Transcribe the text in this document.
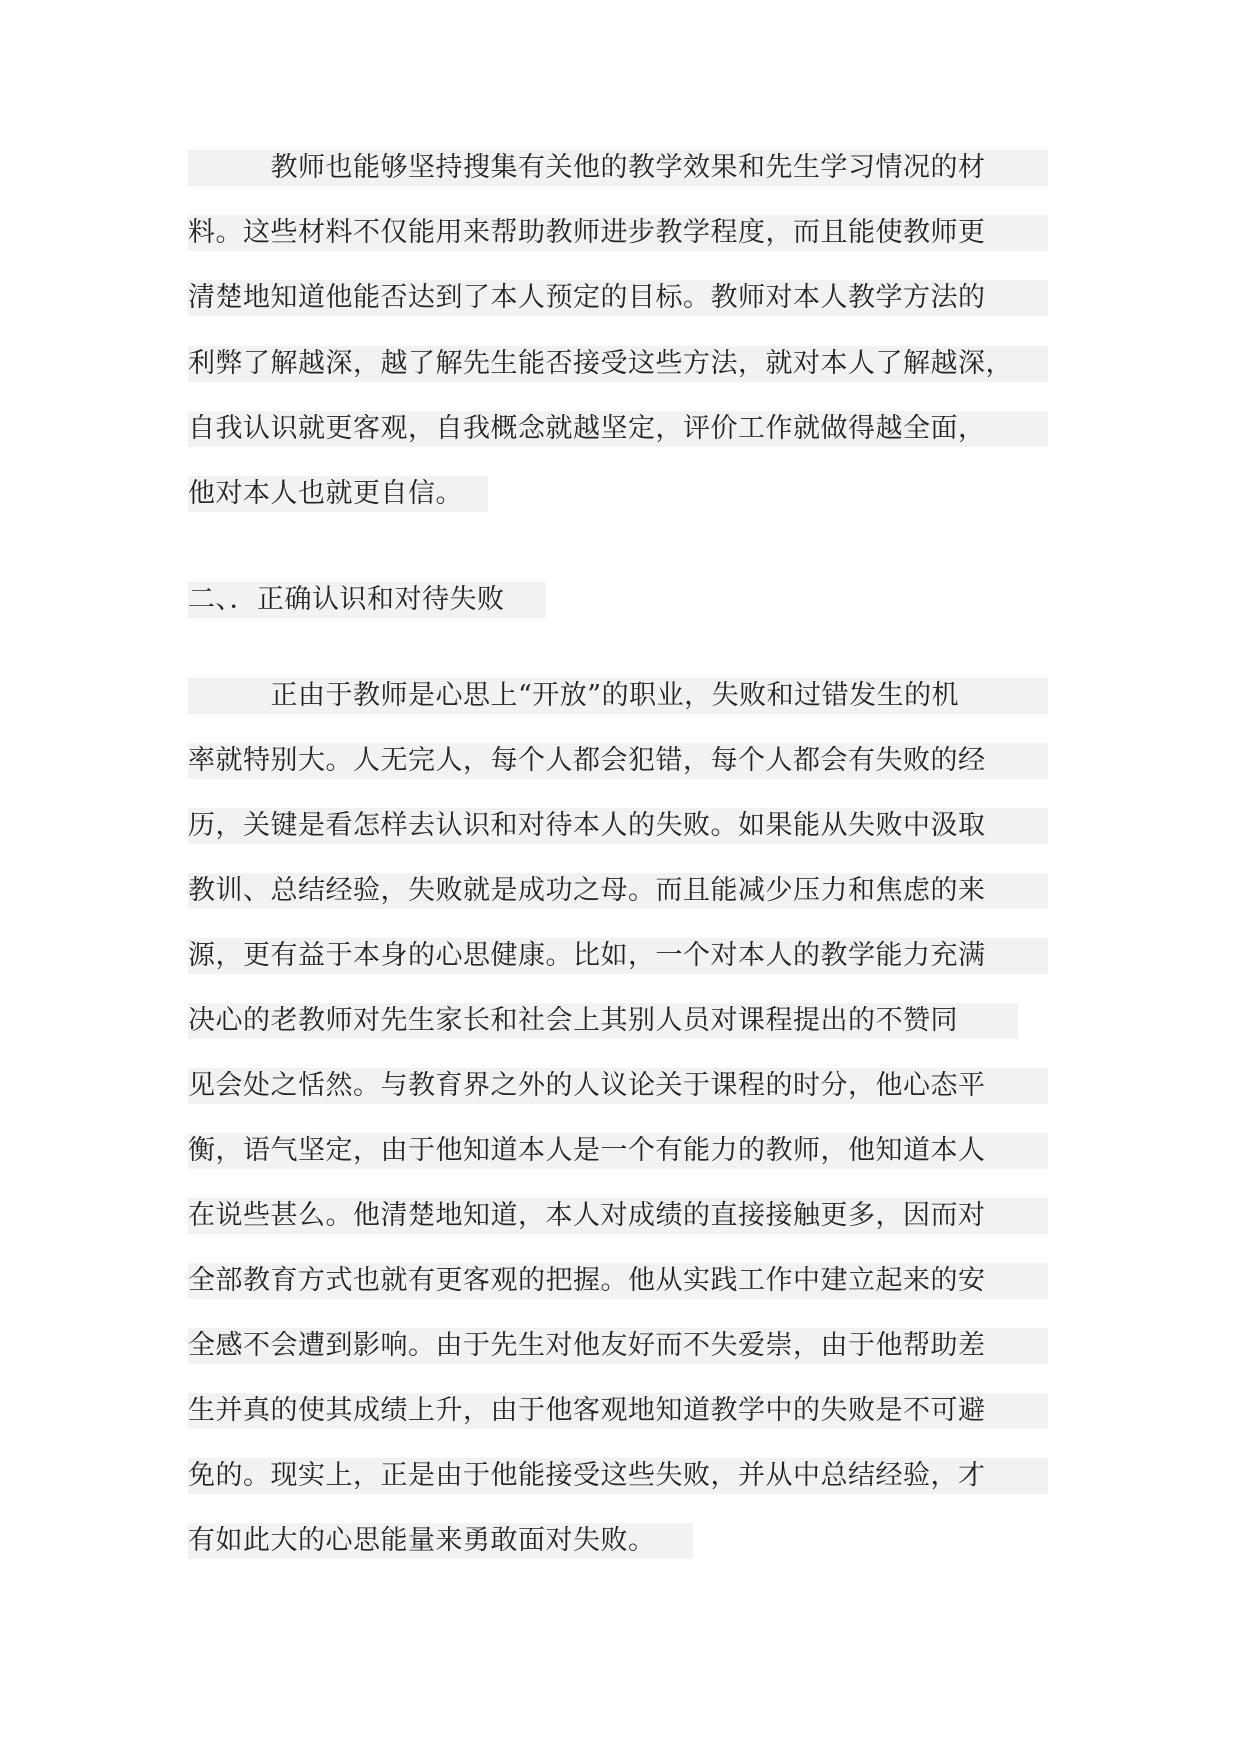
　　　教师也能够坚持搜集有关他的教学效果和先生学习情况的材
料。这些材料不仅能用来帮助教师进步教学程度，而且能使教师更
清楚地知道他能否达到了本人预定的目标。教师对本人教学方法的
利弊了解越深，越了解先生能否接受这些方法，就对本人了解越深，
自我认识就更客观，自我概念就越坚定，评价工作就做得越全面，
他对本人也就更自信。
二、．正确认识和对待失败
　　　正由于教师是心思上“开放”的职业，失败和过错发生的机
率就特别大。人无完人，每个人都会犯错，每个人都会有失败的经
历，关键是看怎样去认识和对待本人的失败。如果能从失败中汲取
教训、总结经验，失败就是成功之母。而且能减少压力和焦虑的来
源，更有益于本身的心思健康。比如，一个对本人的教学能力充满
决心的老教师对先生家长和社会上其别人员对课程提出的不赞同
见会处之恬然。与教育界之外的人议论关于课程的时分，他心态平
衡，语气坚定，由于他知道本人是一个有能力的教师，他知道本人
在说些甚么。他清楚地知道，本人对成绩的直接接触更多，因而对
全部教育方式也就有更客观的把握。他从实践工作中建立起来的安
全感不会遭到影响。由于先生对他友好而不失爱崇，由于他帮助差
生并真的使其成绩上升，由于他客观地知道教学中的失败是不可避
免的。现实上，正是由于他能接受这些失败，并从中总结经验，才
有如此大的心思能量来勇敢面对失败。
